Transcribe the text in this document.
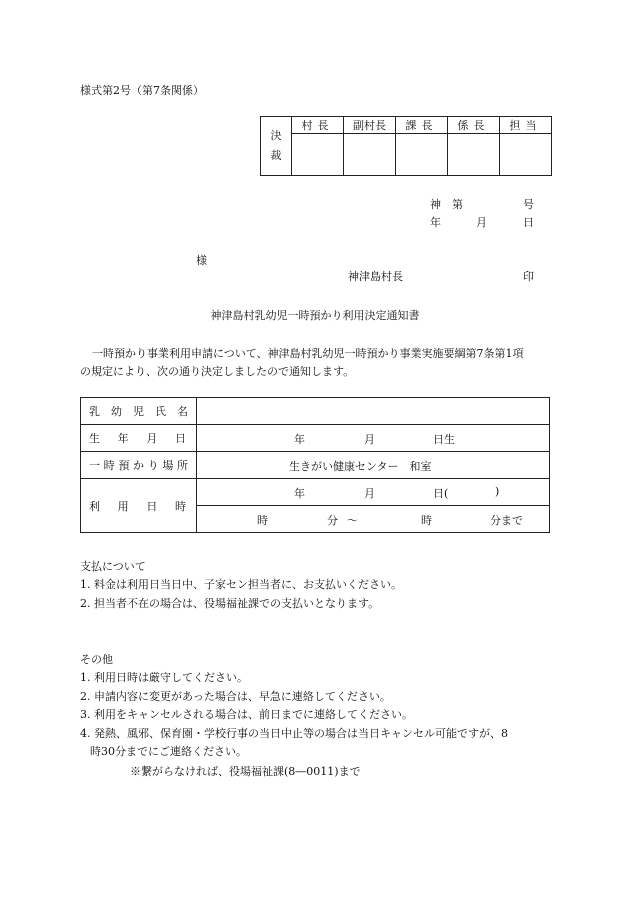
様式第2号（第7条関係）
決
裁	村長	副村長	課長	係長	担当

神 第	号
年	月	日
様
神津島村長	印
神津島村乳幼児一時預かり利用決定通知書
一時預かり事業利用申請について、神津島村乳幼児一時預かり事業実施要綱第7条第1項
の規定により、次の通り決定しましたので通知します。
乳幼児氏名	
生年月日	年 月 日生

一時預かり場所	生きがい健康センター　和室

利用日時	年 月 日( )

	時 分 〜 時 分まで
支払について
1. 料金は利用日当日中、子家セン担当者に、お支払いください。
2. 担当者不在の場合は、役場福祉課での支払いとなります。
その他
1. 利用日時は厳守してください。
2. 申請内容に変更があった場合は、早急に連絡してください。
3. 利用をキャンセルされる場合は、前日までに連絡してください。
4. 発熱、風邪、保育園・学校行事の当日中止等の場合は当日キャンセル可能ですが、8
時30分までにご連絡ください。
※繋がらなければ、役場福祉課(8―0011)まで
